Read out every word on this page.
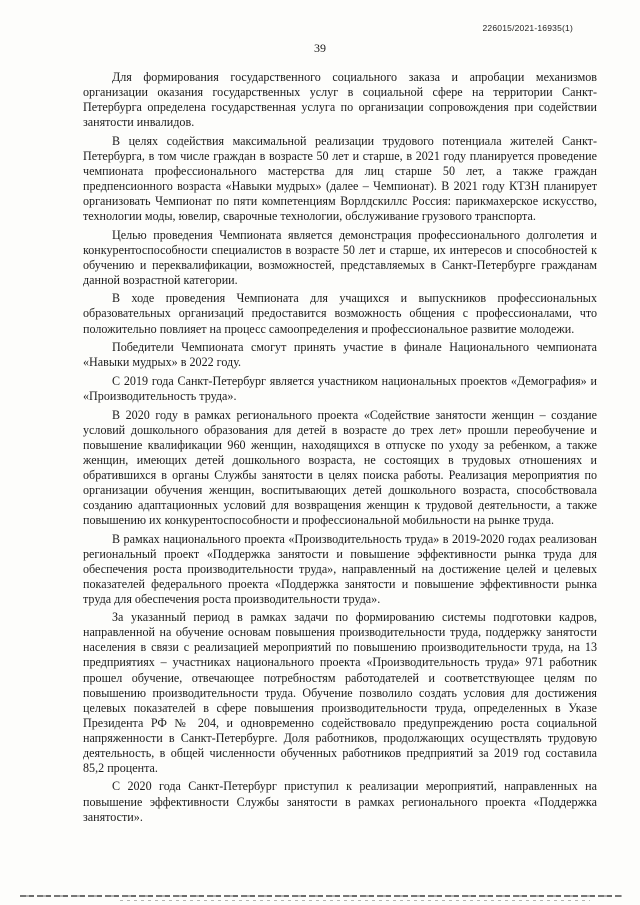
226015/2021-16935(1)
39

Для формирования государственного социального заказа и апробации механизмов организации оказания государственных услуг в социальной сфере на территории Санкт-Петербурга определена государственная услуга по организации сопровождения при содействии занятости инвалидов.

В целях содействия максимальной реализации трудового потенциала жителей Санкт-Петербурга, в том числе граждан в возрасте 50 лет и старше, в 2021 году планируется проведение чемпионата профессионального мастерства для лиц старше 50 лет, а также граждан предпенсионного возраста «Навыки мудрых» (далее – Чемпионат). В 2021 году КТЗН планирует организовать Чемпионат по пяти компетенциям Ворлдскиллс Россия: парикмахерское искусство, технологии моды, ювелир, сварочные технологии, обслуживание грузового транспорта.

Целью проведения Чемпионата является демонстрация профессионального долголетия и конкурентоспособности специалистов в возрасте 50 лет и старше, их интересов и способностей к обучению и переквалификации, возможностей, представляемых в Санкт-Петербурге гражданам данной возрастной категории.

В ходе проведения Чемпионата для учащихся и выпускников профессиональных образовательных организаций предоставится возможность общения с профессионалами, что положительно повлияет на процесс самоопределения и профессиональное развитие молодежи.

Победители Чемпионата смогут принять участие в финале Национального чемпионата «Навыки мудрых» в 2022 году.

С 2019 года Санкт-Петербург является участником национальных проектов «Демография» и «Производительность труда».

В 2020 году в рамках регионального проекта «Содействие занятости женщин – создание условий дошкольного образования для детей в возрасте до трех лет» прошли переобучение и повышение квалификации 960 женщин, находящихся в отпуске по уходу за ребенком, а также женщин, имеющих детей дошкольного возраста, не состоящих в трудовых отношениях и обратившихся в органы Службы занятости в целях поиска работы. Реализация мероприятия по организации обучения женщин, воспитывающих детей дошкольного возраста, способствовала созданию адаптационных условий для возвращения женщин к трудовой деятельности, а также повышению их конкурентоспособности и профессиональной мобильности на рынке труда.

В рамках национального проекта «Производительность труда» в 2019-2020 годах реализован региональный проект «Поддержка занятости и повышение эффективности рынка труда для обеспечения роста производительности труда», направленный на достижение целей и целевых показателей федерального проекта «Поддержка занятости и повышение эффективности рынка труда для обеспечения роста производительности труда».

За указанный период в рамках задачи по формированию системы подготовки кадров, направленной на обучение основам повышения производительности труда, поддержку занятости населения в связи с реализацией мероприятий по повышению производительности труда, на 13 предприятиях – участниках национального проекта «Производительность труда» 971 работник прошел обучение, отвечающее потребностям работодателей и соответствующее целям по повышению производительности труда. Обучение позволило создать условия для достижения целевых показателей в сфере повышения производительности труда, определенных в Указе Президента РФ № 204, и одновременно содействовало предупреждению роста социальной напряженности в Санкт-Петербурге. Доля работников, продолжающих осуществлять трудовую деятельность, в общей численности обученных работников предприятий за 2019 год составила 85,2 процента.

С 2020 года Санкт-Петербург приступил к реализации мероприятий, направленных на повышение эффективности Службы занятости в рамках регионального проекта «Поддержка занятости».
